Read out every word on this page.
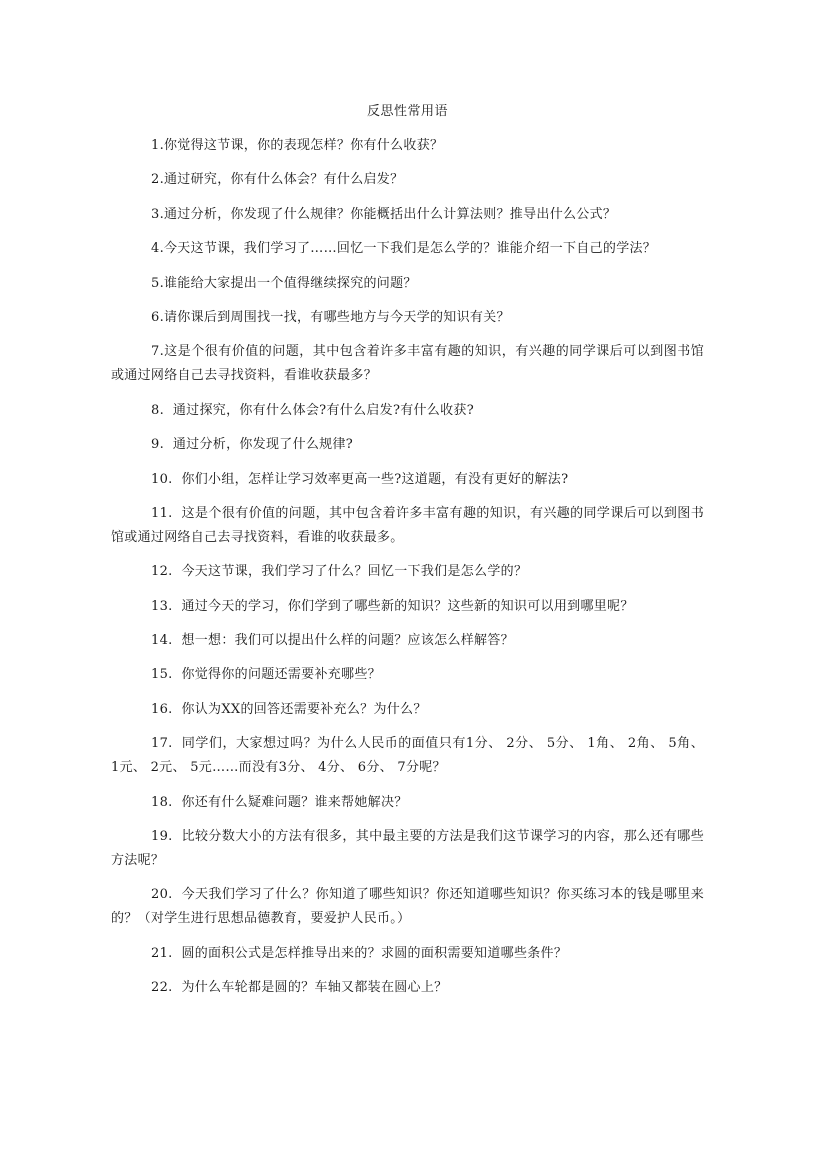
反思性常用语

1.你觉得这节课，你的表现怎样？你有什么收获？

2.通过研究，你有什么体会？有什么启发？

3.通过分析，你发现了什么规律？你能概括出什么计算法则？推导出什么公式？

4.今天这节课，我们学习了……回忆一下我们是怎么学的？谁能介绍一下自己的学法？

5.谁能给大家提出一个值得继续探究的问题？

6.请你课后到周围找一找，有哪些地方与今天学的知识有关？

7.这是个很有价值的问题，其中包含着许多丰富有趣的知识，有兴趣的同学课后可以到图书馆或通过网络自己去寻找资料，看谁收获最多？

8.  通过探究，你有什么体会?有什么启发?有什么收获?

9.  通过分析，你发现了什么规律?

10.  你们小组，怎样让学习效率更高一些?这道题，有没有更好的解法?

11.  这是个很有价值的问题，其中包含着许多丰富有趣的知识，有兴趣的同学课后可以到图书馆或通过网络自己去寻找资料，看谁的收获最多。

12.  今天这节课，我们学习了什么？回忆一下我们是怎么学的？

13.  通过今天的学习，你们学到了哪些新的知识？这些新的知识可以用到哪里呢？

14.  想一想：我们可以提出什么样的问题？应该怎么样解答？

15.  你觉得你的问题还需要补充哪些？

16.  你认为XX的回答还需要补充么？为什么？

17.  同学们，大家想过吗？为什么人民币的面值只有1分、 2分、 5分、 1角、 2角、 5角、 1元、 2元、 5元……而没有3分、 4分、 6分、 7分呢？

18.  你还有什么疑难问题？谁来帮她解决？

19.  比较分数大小的方法有很多，其中最主要的方法是我们这节课学习的内容，那么还有哪些方法呢？

20.  今天我们学习了什么？你知道了哪些知识？你还知道哪些知识？你买练习本的钱是哪里来的？（对学生进行思想品德教育，要爱护人民币。）

21.  圆的面积公式是怎样推导出来的？求圆的面积需要知道哪些条件？

22.  为什么车轮都是圆的？车轴又都装在圆心上？
